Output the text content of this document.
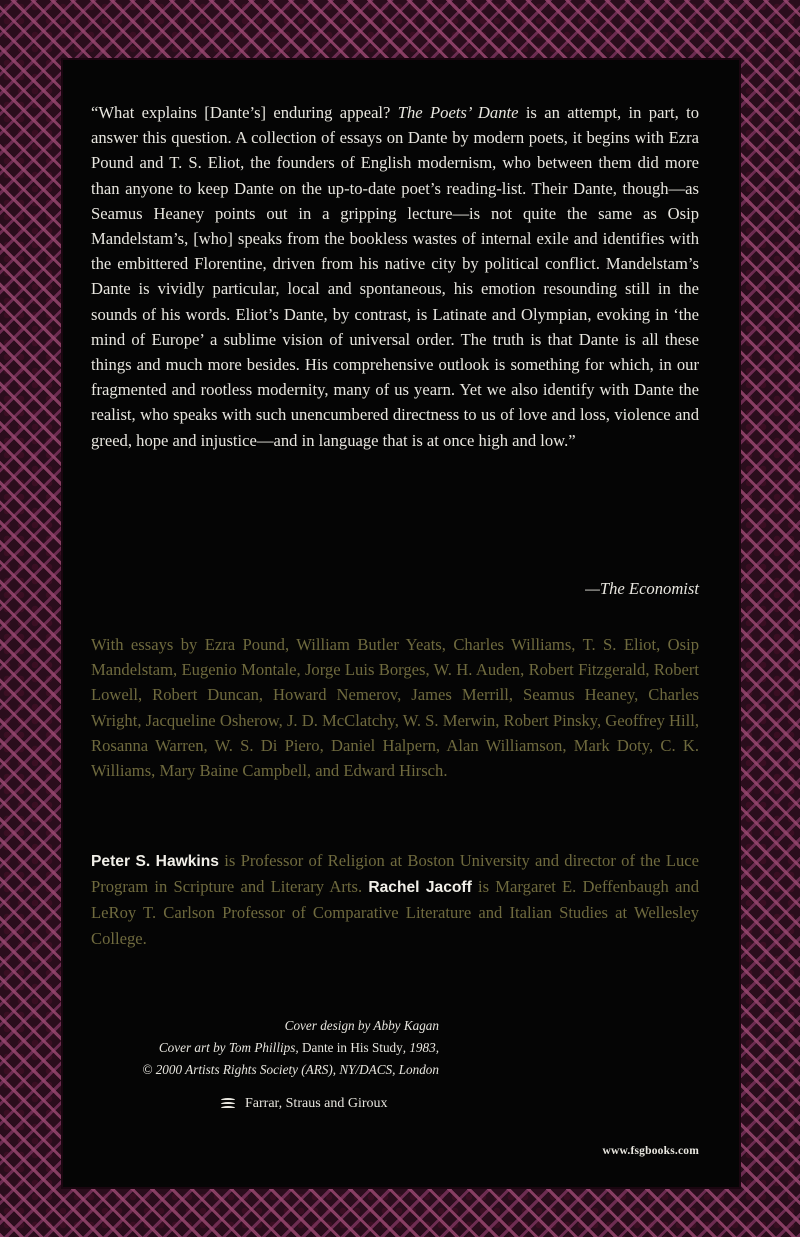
“What explains [Dante’s] enduring appeal? The Poets’ Dante is an attempt, in part, to answer this question. A collection of essays on Dante by modern poets, it begins with Ezra Pound and T. S. Eliot, the founders of English modernism, who between them did more than anyone to keep Dante on the up-to-date poet’s reading-list. Their Dante, though—as Seamus Heaney points out in a gripping lecture—is not quite the same as Osip Mandelstam’s, [who] speaks from the bookless wastes of internal exile and identifies with the embittered Florentine, driven from his native city by political conflict. Mandelstam’s Dante is vividly particular, local and spontaneous, his emotion resounding still in the sounds of his words. Eliot’s Dante, by contrast, is Latinate and Olympian, evoking in ‘the mind of Europe’ a sublime vision of universal order. The truth is that Dante is all these things and much more besides. His comprehensive outlook is something for which, in our fragmented and rootless modernity, many of us yearn. Yet we also identify with Dante the realist, who speaks with such unencumbered directness to us of love and loss, violence and greed, hope and injustice—and in language that is at once high and low.”

—The Economist

With essays by Ezra Pound, William Butler Yeats, Charles Williams, T. S. Eliot, Osip Mandelstam, Eugenio Montale, Jorge Luis Borges, W. H. Auden, Robert Fitzgerald, Robert Lowell, Robert Duncan, Howard Nemerov, James Merrill, Seamus Heaney, Charles Wright, Jacqueline Osherow, J. D. McClatchy, W. S. Merwin, Robert Pinsky, Geoffrey Hill, Rosanna Warren, W. S. Di Piero, Daniel Halpern, Alan Williamson, Mark Doty, C. K. Williams, Mary Baine Campbell, and Edward Hirsch.

Peter S. Hawkins is Professor of Religion at Boston University and director of the Luce Program in Scripture and Literary Arts. Rachel Jacoff is Margaret E. Deffenbaugh and LeRoy T. Carlson Professor of Comparative Literature and Italian Studies at Wellesley College.

Cover design by Abby Kagan
Cover art by Tom Phillips, Dante in His Study, 1983,
© 2000 Artists Rights Society (ARS), NY/DACS, London
Farrar, Straus and Giroux
www.fsgbooks.com
